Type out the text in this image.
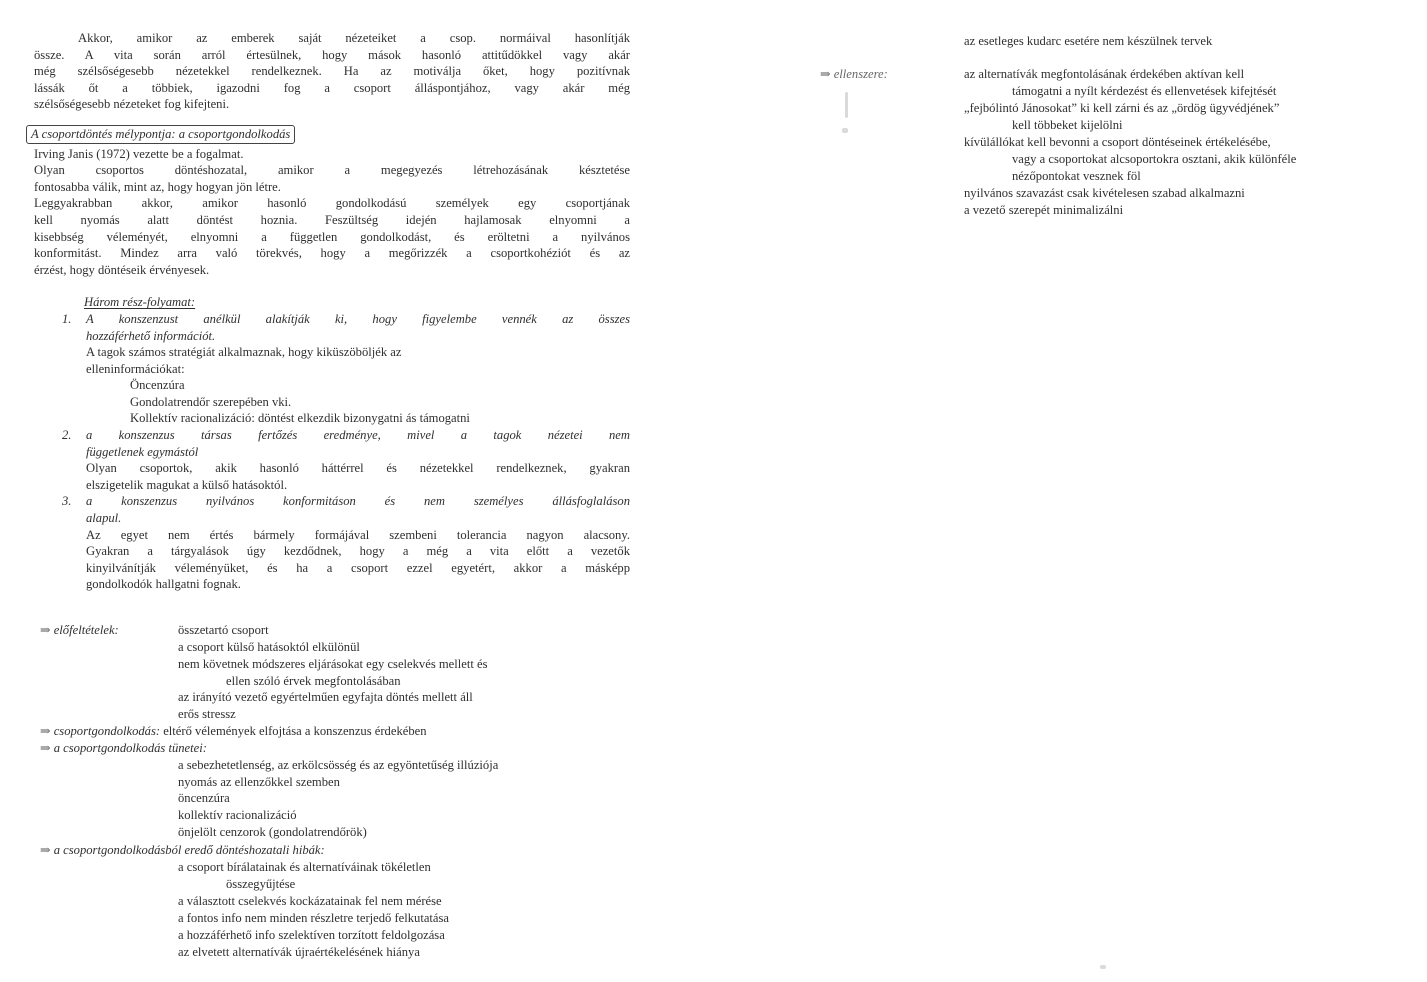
Akkor, amikor az emberek saját nézeteiket a csop. normáival hasonlítják
össze. A vita során arról értesülnek, hogy mások hasonló attitűdökkel vagy akár
még szélsőségesebb nézetekkel rendelkeznek. Ha az motiválja őket, hogy pozitívnak
lássák őt a többiek, igazodni fog a csoport álláspontjához, vagy akár még
szélsőségesebb nézeteket fog kifejteni.
A csoportdöntés mélypontja: a csoportgondolkodás
Irving Janis (1972) vezette be a fogalmat.
Olyan csoportos döntéshozatal, amikor a megegyezés létrehozásának késztetése
fontosabba válik, mint az, hogy hogyan jön létre.
Leggyakrabban akkor, amikor hasonló gondolkodású személyek egy csoportjának
kell nyomás alatt döntést hoznia. Feszültség idején hajlamosak elnyomni a
kisebbség véleményét, elnyomni a független gondolkodást, és eröltetni a nyilvános
konformitást. Mindez arra való törekvés, hogy a megőrizzék a csoportkohéziót és az
érzést, hogy döntéseik érvényesek.
Három rész-folyamat:
1. A konszenzust anélkül alakítják ki, hogy figyelembe vennék az összes
hozzáférhető információt.
A tagok számos stratégiát alkalmaznak, hogy kiküszöböljék az
elleninformációkat:
Öncenzúra
Gondolatrendőr szerepében vki.
Kollektív racionalizáció: döntést elkezdik bizonygatni ás támogatni
2. a konszenzus társas fertőzés eredménye, mivel a tagok nézetei nem
függetlenek egymástól
Olyan csoportok, akik hasonló háttérrel és nézetekkel rendelkeznek, gyakran
elszigetelik magukat a külső hatásoktól.
3. a konszenzus nyilvános konformitáson és nem személyes állásfoglaláson
alapul.
Az egyet nem értés bármely formájával szembeni tolerancia nagyon alacsony.
Gyakran a tárgyalások úgy kezdődnek, hogy a még a vita előtt a vezetők
kinyilvánítják véleményüket, és ha a csoport ezzel egyetért, akkor a másképp
gondolkodók hallgatni fognak.
⇒ előfeltételek:	összetartó csoport
a csoport külső hatásoktól elkülönül
nem követnek módszeres eljárásokat egy cselekvés mellett és
ellen szóló érvek megfontolásában
az irányító vezető egyértelműen egyfajta döntés mellett áll
erős stressz
⇒ csoportgondolkodás: eltérő vélemények elfojtása a konszenzus érdekében
⇒ a csoportgondolkodás tünetei:
a sebezhetetlenség, az erkölcsösség és az egyöntetűség illúziója
nyomás az ellenzőkkel szemben
öncenzúra
kollektív racionalizáció
önjelölt cenzorok (gondolatrendőrök)
⇒ a csoportgondolkodásból eredő döntéshozatali hibák:
a csoport bírálatainak és alternatíváinak tökéletlen
összegyűjtése
a választott cselekvés kockázatainak fel nem mérése
a fontos info nem minden részletre terjedő felkutatása
a hozzáférhető info szelektíven torzított feldolgozása
az elvetett alternatívák újraértékelésének hiánya
az esetleges kudarc esetére nem készülnek tervek
⇒ ellenszere:	az alternatívák megfontolásának érdekében aktívan kell
támogatni a nyílt kérdezést és ellenvetések kifejtését
„fejbólintó Jánosokat” ki kell zárni és az „ördög ügyvédjének”
kell többeket kijelölni
kívülállókat kell bevonni a csoport döntéseinek értékelésébe,
vagy a csoportokat alcsoportokra osztani, akik különféle
nézőpontokat vesznek föl
nyilvános szavazást csak kivételesen szabad alkalmazni
a vezető szerepét minimalizálni
